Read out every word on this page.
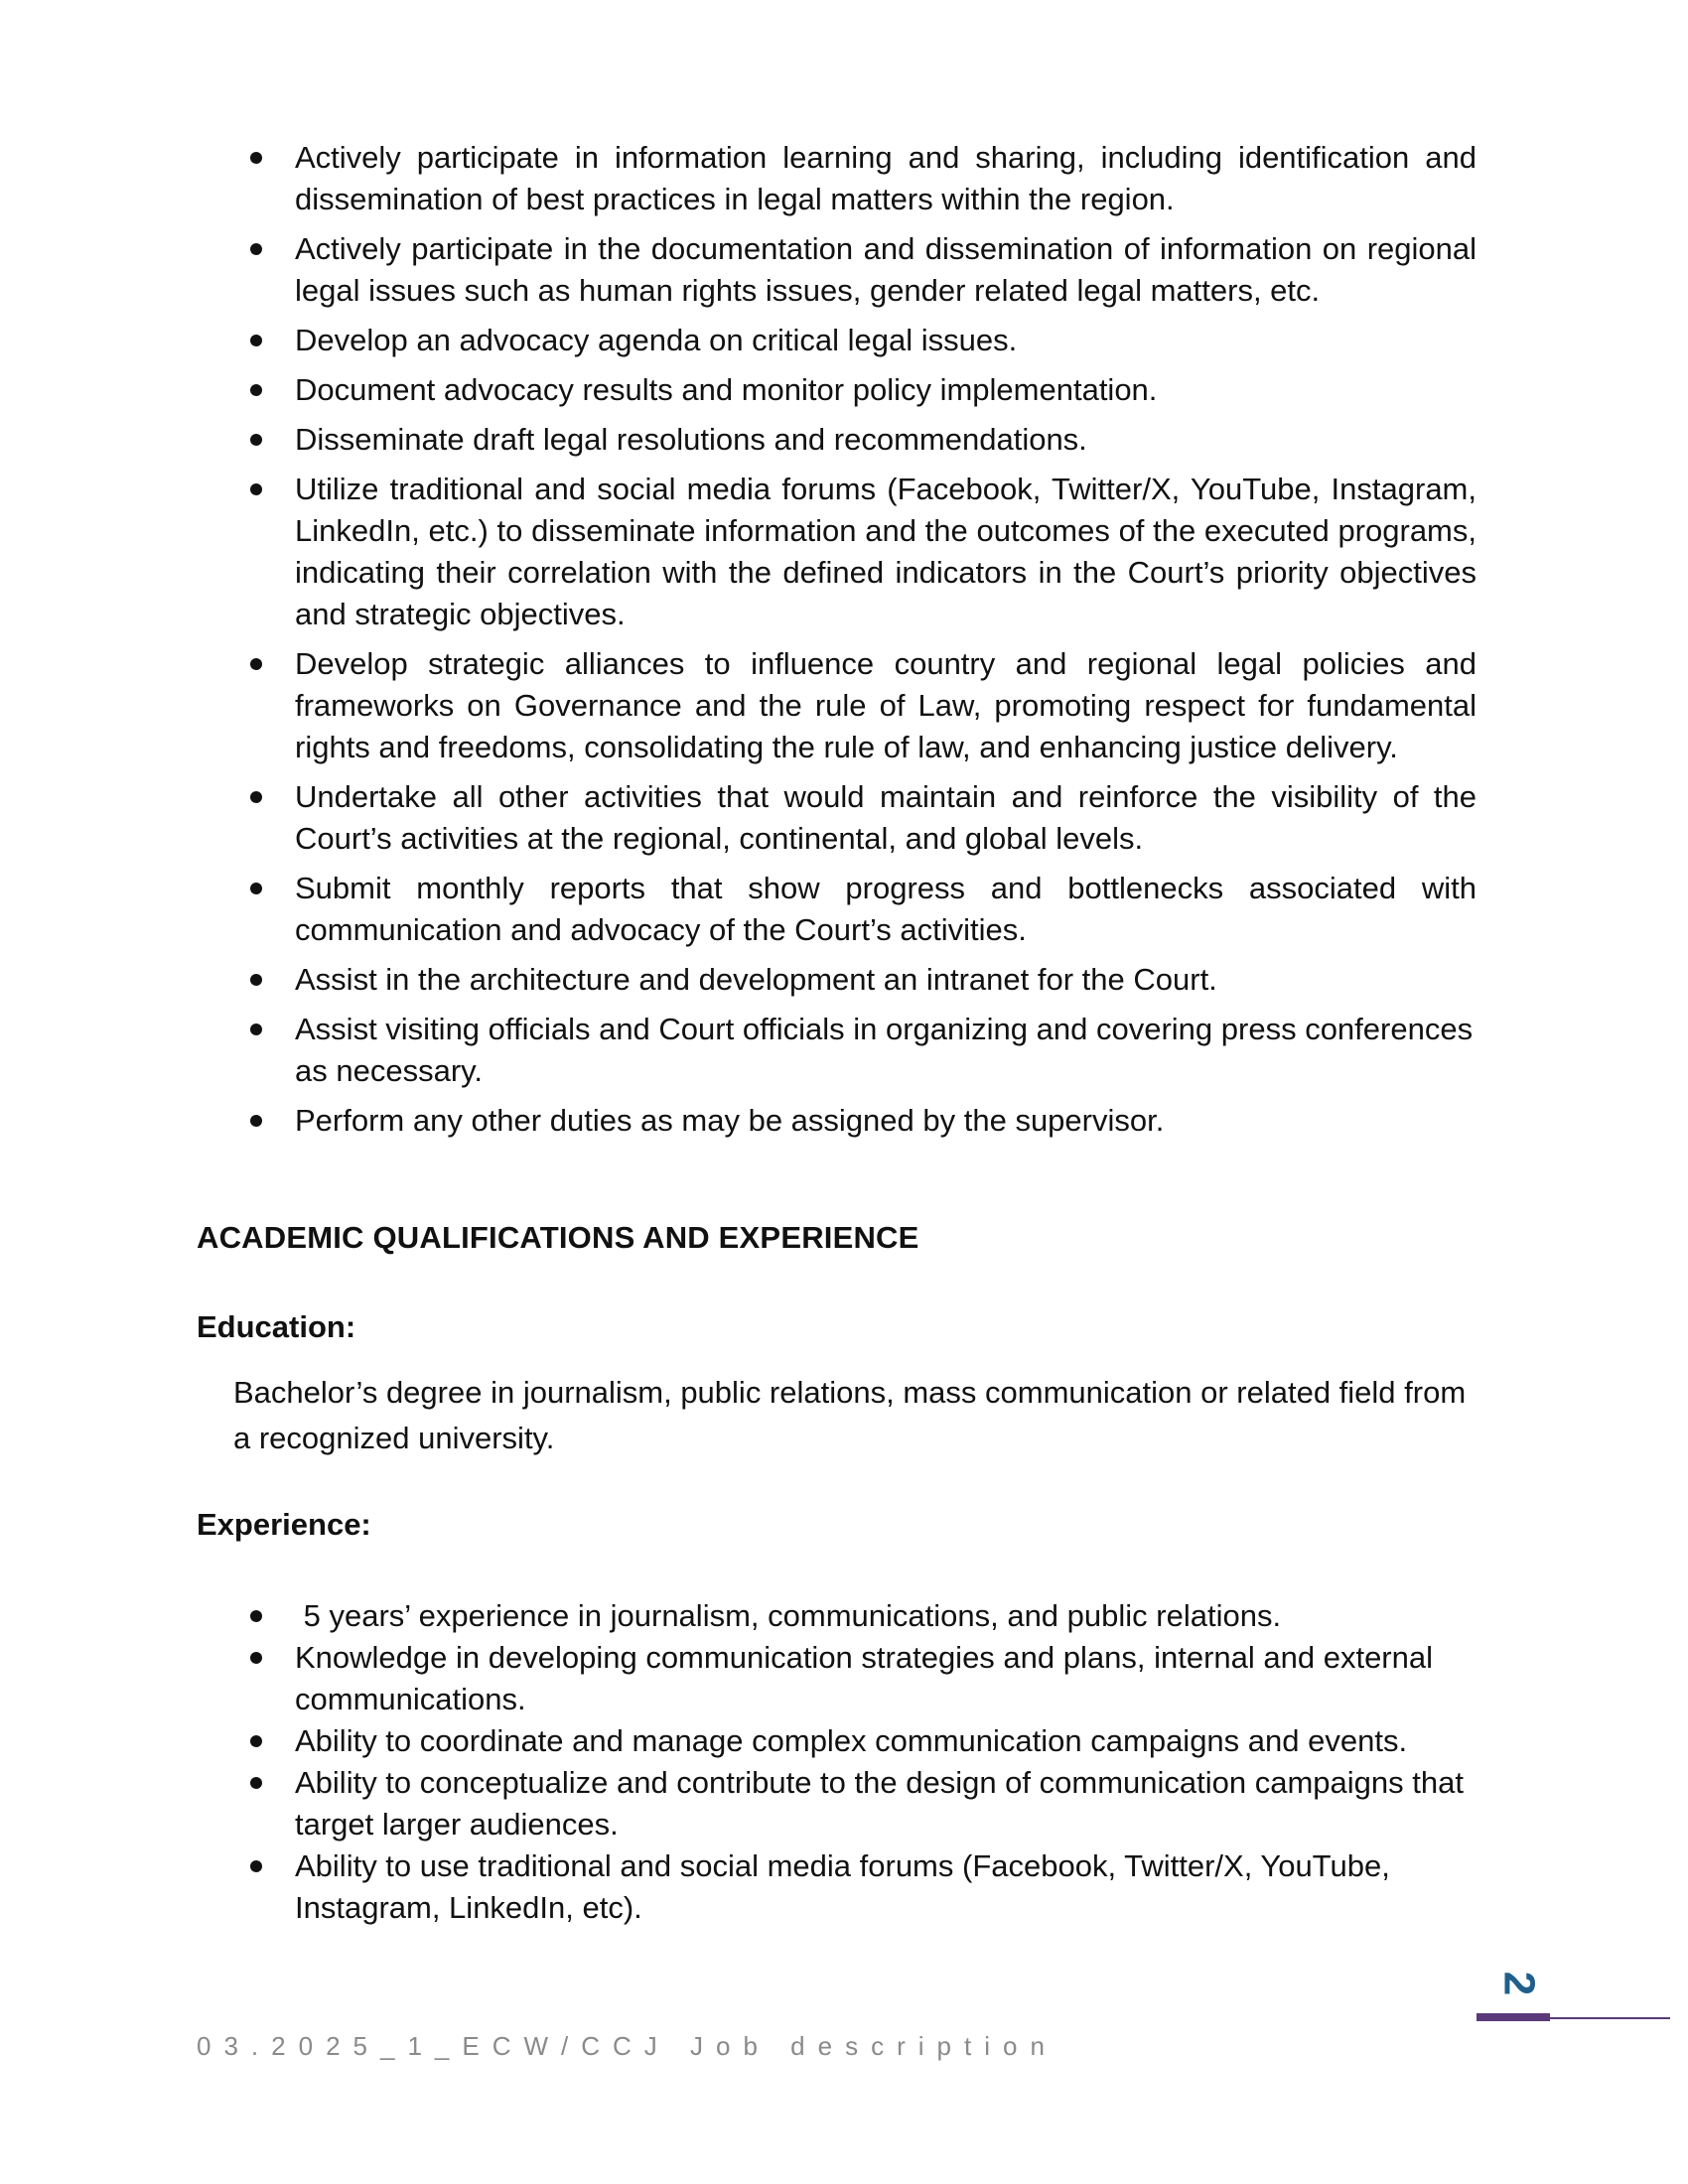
Actively participate in information learning and sharing, including identification and dissemination of best practices in legal matters within the region.
Actively participate in the documentation and dissemination of information on regional legal issues such as human rights issues, gender related legal matters, etc.
Develop an advocacy agenda on critical legal issues.
Document advocacy results and monitor policy implementation.
Disseminate draft legal resolutions and recommendations.
Utilize traditional and social media forums (Facebook, Twitter/X, YouTube, Instagram, LinkedIn, etc.) to disseminate information and the outcomes of the executed programs, indicating their correlation with the defined indicators in the Court’s priority objectives and strategic objectives.
Develop strategic alliances to influence country and regional legal policies and frameworks on Governance and the rule of Law, promoting respect for fundamental rights and freedoms, consolidating the rule of law, and enhancing justice delivery.
Undertake all other activities that would maintain and reinforce the visibility of the Court’s activities at the regional, continental, and global levels.
Submit monthly reports that show progress and bottlenecks associated with communication and advocacy of the Court’s activities.
Assist in the architecture and development an intranet for the Court.
Assist visiting officials and Court officials in organizing and covering press conferences as necessary.
Perform any other duties as may be assigned by the supervisor.
ACADEMIC QUALIFICATIONS AND EXPERIENCE
Education:
Bachelor’s degree in journalism, public relations, mass communication or related field from a recognized university.
Experience:
5 years’ experience in journalism, communications, and public relations.
Knowledge in developing communication strategies and plans, internal and external communications.
Ability to coordinate and manage complex communication campaigns and events.
Ability to conceptualize and contribute to the design of communication campaigns that target larger audiences.
Ability to use traditional and social media forums (Facebook, Twitter/X, YouTube, Instagram, LinkedIn, etc).
2
03.2025_1_ECW/CCJ Job description
